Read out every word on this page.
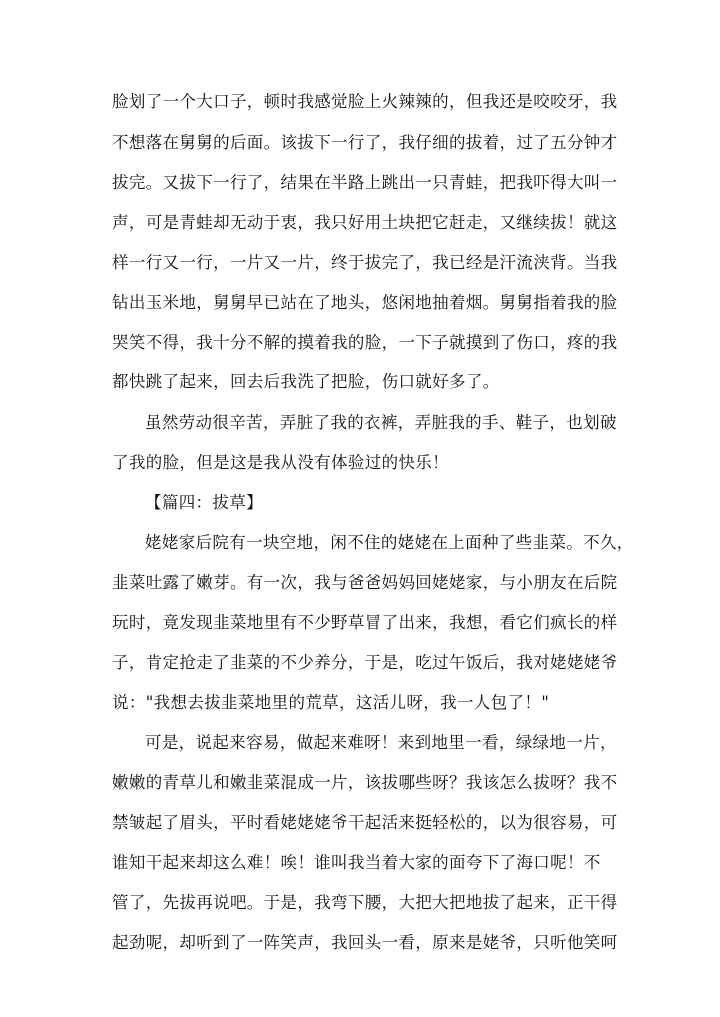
脸划了一个大口子，顿时我感觉脸上火辣辣的，但我还是咬咬牙，我
不想落在舅舅的后面。该拔下一行了，我仔细的拔着，过了五分钟才
拔完。又拔下一行了，结果在半路上跳出一只青蛙，把我吓得大叫一
声，可是青蛙却无动于衷，我只好用土块把它赶走，又继续拔！就这
样一行又一行，一片又一片，终于拔完了，我已经是汗流浃背。当我
钻出玉米地，舅舅早已站在了地头，悠闲地抽着烟。舅舅指着我的脸
哭笑不得，我十分不解的摸着我的脸，一下子就摸到了伤口，疼的我
都快跳了起来，回去后我洗了把脸，伤口就好多了。
虽然劳动很辛苦，弄脏了我的衣裤，弄脏我的手、鞋子，也划破
了我的脸，但是这是我从没有体验过的快乐！
【篇四：拔草】
姥姥家后院有一块空地，闲不住的姥姥在上面种了些韭菜。不久，
韭菜吐露了嫩芽。有一次，我与爸爸妈妈回姥姥家，与小朋友在后院
玩时，竟发现韭菜地里有不少野草冒了出来，我想，看它们疯长的样
子，肯定抢走了韭菜的不少养分，于是，吃过午饭后，我对姥姥姥爷
说："我想去拔韭菜地里的荒草，这活儿呀，我一人包了！"
可是，说起来容易，做起来难呀！来到地里一看，绿绿地一片，
嫩嫩的青草儿和嫩韭菜混成一片，该拔哪些呀？我该怎么拔呀？我不
禁皱起了眉头，平时看姥姥姥爷干起活来挺轻松的，以为很容易，可
谁知干起来却这么难！唉！谁叫我当着大家的面夸下了海口呢！不
管了，先拔再说吧。于是，我弯下腰，大把大把地拔了起来，正干得
起劲呢，却听到了一阵笑声，我回头一看，原来是姥爷，只听他笑呵
